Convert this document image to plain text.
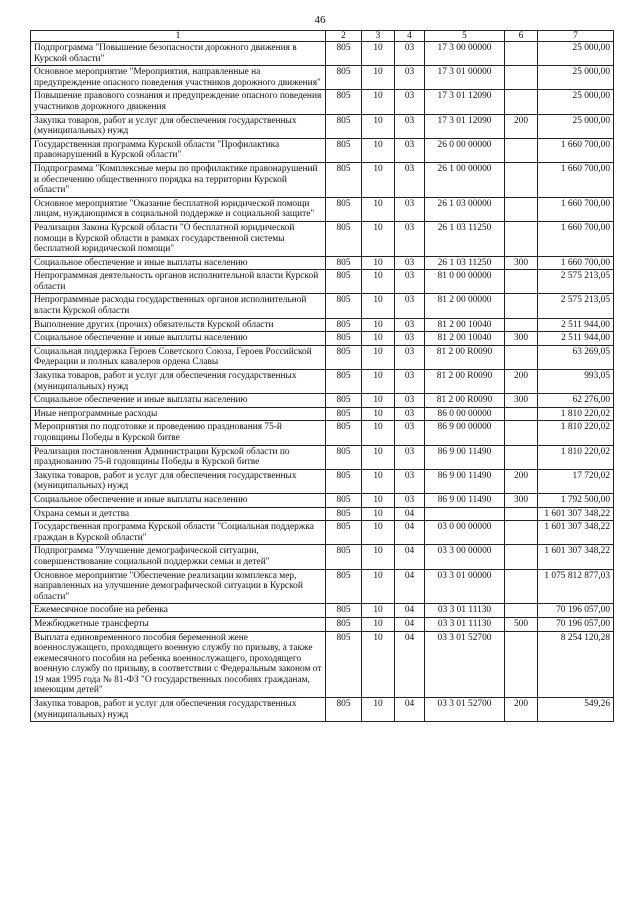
46
1	2	3	4	5	6	7
Подпрограмма "Повышение безопасности дорожного движения в Курской области"	805	10	03	17 3 00 00000		25 000,00
Основное мероприятие "Мероприятия, направленные на предупреждение опасного поведения участников дорожного движения"	805	10	03	17 3 01 00000		25 000,00
Повышение правового сознания и предупреждение опасного поведения участников дорожного движения	805	10	03	17 3 01 12090		25 000,00
Закупка товаров, работ и услуг для обеспечения государственных (муниципальных) нужд	805	10	03	17 3 01 12090	200	25 000,00
Государственная программа Курской области "Профилактика правонарушений в Курской области"	805	10	03	26 0 00 00000		1 660 700,00
Подпрограмма "Комплексные меры по профилактике правонарушений и обеспечению общественного порядка на территории Курской области"	805	10	03	26 1 00 00000		1 660 700,00
Основное мероприятие "Оказание бесплатной юридической помощи лицам, нуждающимся в социальной поддержке и социальной защите"	805	10	03	26 1 03 00000		1 660 700,00
Реализация Закона Курской области "О бесплатной юридической помощи в Курской области в рамках государственной системы бесплатной юридической помощи"	805	10	03	26 1 03 11250		1 660 700,00
Социальное обеспечение и иные выплаты населению	805	10	03	26 1 03 11250	300	1 660 700,00
Непрограммная деятельность органов исполнительной власти Курской области	805	10	03	81 0 00 00000		2 575 213,05
Непрограммные расходы государственных органов исполнительной власти Курской области	805	10	03	81 2 00 00000		2 575 213,05
Выполнение других (прочих) обязательств Курской области	805	10	03	81 2 00 10040		2 511 944,00
Социальное обеспечение и иные выплаты населению	805	10	03	81 2 00 10040	300	2 511 944,00
Социальная поддержка Героев Советского Союза, Героев Российской Федерации и полных кавалеров ордена Славы	805	10	03	81 2 00 R0090		63 269,05
Закупка товаров, работ и услуг для обеспечения государственных (муниципальных) нужд	805	10	03	81 2 00 R0090	200	993,05
Социальное обеспечение и иные выплаты населению	805	10	03	81 2 00 R0090	300	62 276,00
Иные непрограммные расходы	805	10	03	86 0 00 00000		1 810 220,02
Мероприятия по подготовке и проведению празднования 75-й годовщины Победы в Курской битве	805	10	03	86 9 00 00000		1 810 220,02
Реализация постановления Администрации Курской области по празднованию 75-й годовщины Победы в Курской битве	805	10	03	86 9 00 11490		1 810 220,02
Закупка товаров, работ и услуг для обеспечения государственных (муниципальных) нужд	805	10	03	86 9 00 11490	200	17 720,02
Социальное обеспечение и иные выплаты населению	805	10	03	86 9 00 11490	300	1 792 500,00
Охрана семьи и детства	805	10	04			1 601 307 348,22
Государственная программа Курской области "Социальная поддержка граждан в Курской области"	805	10	04	03 0 00 00000		1 601 307 348,22
Подпрограмма "Улучшение демографической ситуации, совершенствование социальной поддержки семьи и детей"	805	10	04	03 3 00 00000		1 601 307 348,22
Основное мероприятие "Обеспечение реализации комплекса мер, направленных на улучшение демографической ситуации в Курской области"	805	10	04	03 3 01 00000		1 075 812 877,03
Ежемесячное пособие на ребенка	805	10	04	03 3 01 11130		70 196 057,00
Межбюджетные трансферты	805	10	04	03 3 01 11130	500	70 196 057,00
Выплата единовременного пособия беременной жене военнослужащего, проходящего военную службу по призыву, а также ежемесячного пособия на ребенка военнослужащего, проходящего военную службу по призыву, в соответствии с Федеральным законом от 19 мая 1995 года № 81-ФЗ "О государственных пособиях гражданам, имеющим детей"	805	10	04	03 3 01 52700		8 254 120,28
Закупка товаров, работ и услуг для обеспечения государственных (муниципальных) нужд	805	10	04	03 3 01 52700	200	549,26
